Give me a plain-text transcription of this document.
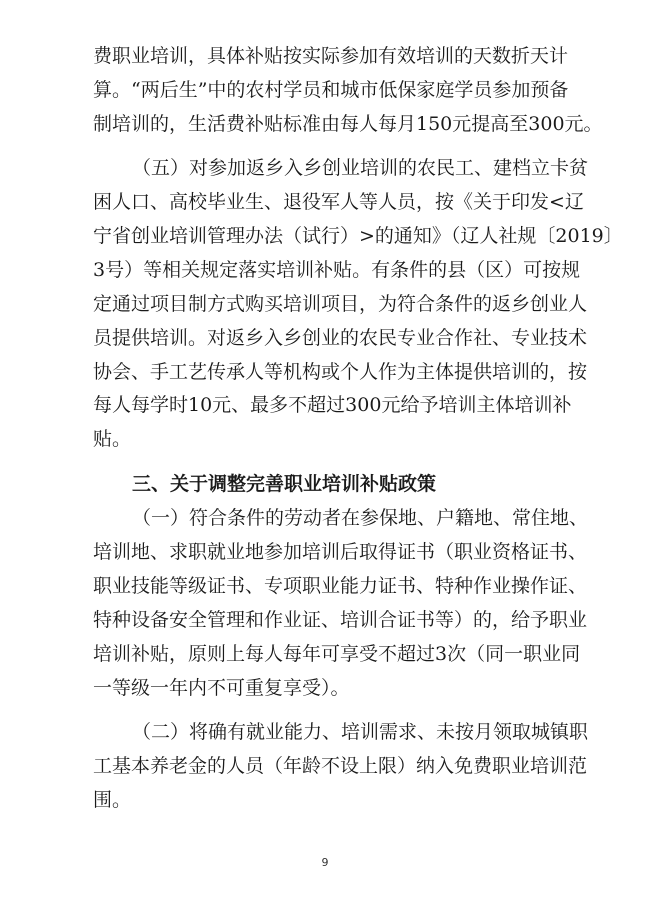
费职业培训，具体补贴按实际参加有效培训的天数折天计
算。“两后生”中的农村学员和城市低保家庭学员参加预备
制培训的，生活费补贴标准由每人每月150元提高至300元。
（五）对参加返乡入乡创业培训的农民工、建档立卡贫
困人口、高校毕业生、退役军人等人员，按《关于印发<辽
宁省创业培训管理办法（试行）>的通知》（辽人社规〔2019〕
3号）等相关规定落实培训补贴。有条件的县（区）可按规
定通过项目制方式购买培训项目，为符合条件的返乡创业人
员提供培训。对返乡入乡创业的农民专业合作社、专业技术
协会、手工艺传承人等机构或个人作为主体提供培训的，按
每人每学时10元、最多不超过300元给予培训主体培训补
贴。
三、关于调整完善职业培训补贴政策
（一）符合条件的劳动者在参保地、户籍地、常住地、
培训地、求职就业地参加培训后取得证书（职业资格证书、
职业技能等级证书、专项职业能力证书、特种作业操作证、
特种设备安全管理和作业证、培训合证书等）的，给予职业
培训补贴，原则上每人每年可享受不超过3次（同一职业同
一等级一年内不可重复享受）。
（二）将确有就业能力、培训需求、未按月领取城镇职
工基本养老金的人员（年龄不设上限）纳入免费职业培训范
围。
9
